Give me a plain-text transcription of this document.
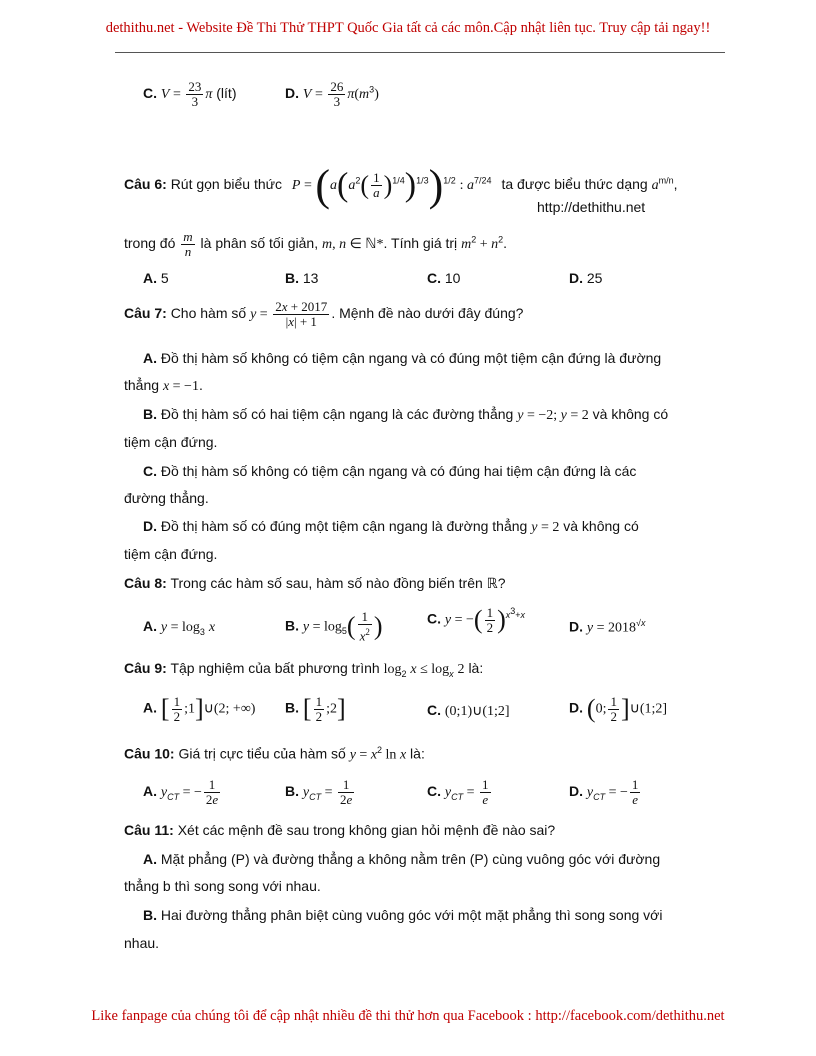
dethithu.net - Website Đề Thi Thử THPT Quốc Gia tất cả các môn.Cập nhật liên tục. Truy cập tải ngay!!
C. $V = \frac{23}{3}$ π (lít)	D. $V = \frac{26}{3} \pi(m^3)$
Câu 6: Rút gọn biểu thức $P = (a(a^2( \frac{1}{a} )^{1/4})^{1/3})^{1/2}$ : $a^{7/24}$ ta được biểu thức dạng $a^{m/n}$,
http://dethithu.net
trong đó $\frac{m}{n}$ là phân số tối giản, m, n ∈ ℕ*. Tính giá trị $m^2 + n^2$.
A. 5	B. 13	C. 10	D. 25
Câu 7: Cho hàm số $y = \frac{2x + 2017}{|x| + 1}$ . Mệnh đề nào dưới đây đúng?
A. Đồ thị hàm số không có tiệm cận ngang và có đúng một tiệm cận đứng là đường
thẳng x = −1.
B. Đồ thị hàm số có hai tiệm cận ngang là các đường thẳng y = −2; y = 2 và không có
tiệm cận đứng.
C. Đồ thị hàm số không có tiệm cận ngang và có đúng hai tiệm cận đứng là các
đường thẳng.
D. Đồ thị hàm số có đúng một tiệm cận ngang là đường thẳng y = 2 và không có
tiệm cận đứng.
Câu 8: Trong các hàm số sau, hàm số nào đồng biến trên ℝ?
A. $y = \log_3 x$	B. $y = \log_5( \frac{1}{x^2}$ )	C. y = −( $\frac{1}{2} )^{x^3+x}$
D. $y = 2018^{√x}$
Câu 9: Tập nghiệm của bất phương trình $\log_2 x \le \log_x 2$ là:
A. [ $\frac{1}{2}$ ;1]∪(2; +∞) B. [ $\frac{1}{2}$ ;2]	C. (0;1)∪(1;2]	D. (0; $\frac{1}{2}$ ]∪(1;2]
Câu 10: Giá trị cực tiểu của hàm số $y = x^2$ ln x là:
A. $y_{CT}$ = − $\frac{1}{2e}$	B. $y_{CT} = \frac{1}{2e}$	C. $y_{CT} = \frac{1}{e}$	D. $y_{CT}$ = − $\frac{1}{e}$
Câu 11: Xét các mệnh đề sau trong không gian hỏi mệnh đề nào sai?
A. Mặt phẳng (P) và đường thẳng a không nằm trên (P) cùng vuông góc với đường
thẳng b thì song song với nhau.
B. Hai đường thẳng phân biệt cùng vuông góc với một mặt phẳng thì song song với
nhau.
Like fanpage của chúng tôi để cập nhật nhiều đề thi thử hơn qua Facebook : http://facebook.com/dethithu.net
